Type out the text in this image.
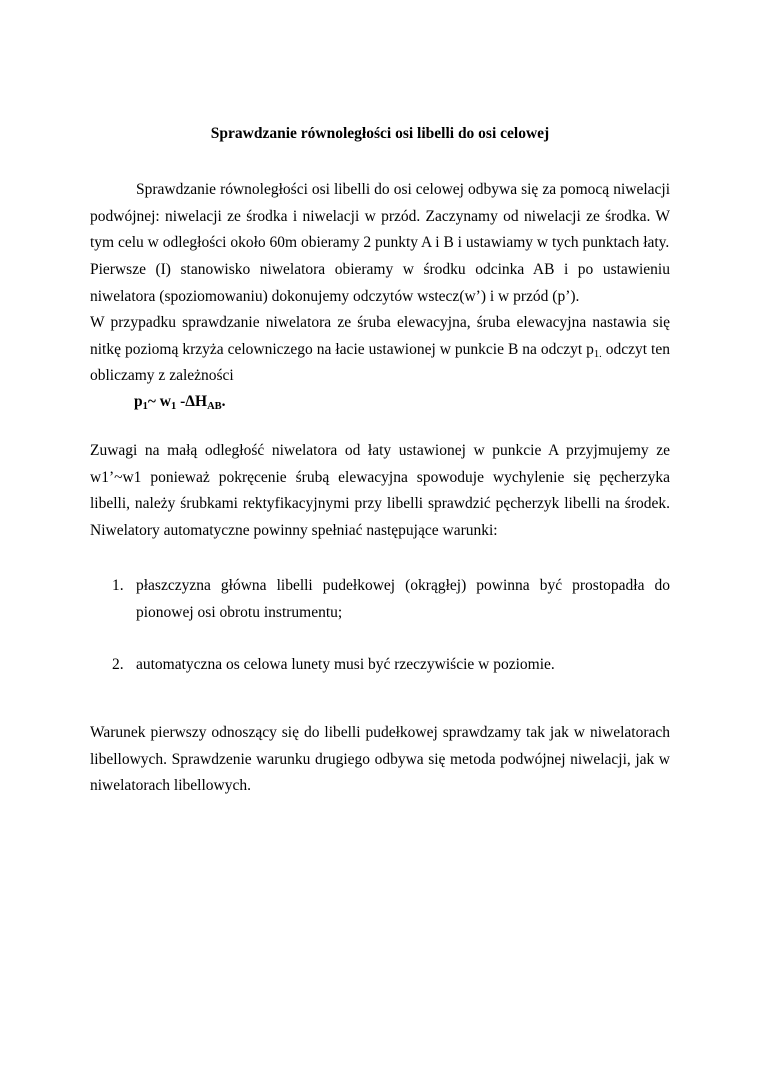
Sprawdzanie równoległości osi libelli do osi celowej

Sprawdzanie równoległości osi libelli do osi celowej odbywa się za pomocą niwelacji podwójnej: niwelacji ze środka i niwelacji w przód. Zaczynamy od niwelacji ze środka. W tym celu w odległości około 60m obieramy 2 punkty A i B i ustawiamy w tych punktach łaty.

Pierwsze (I) stanowisko niwelatora obieramy w środku odcinka AB i po ustawieniu niwelatora (spoziomowaniu) dokonujemy odczytów wstecz(w’) i w przód (p’).

W przypadku sprawdzanie niwelatora ze śruba elewacyjna, śruba elewacyjna nastawia się nitkę poziomą krzyża celowniczego na łacie ustawionej w punkcie B na odczyt $p_{1.}$ odczyt ten obliczamy z zależności

$p_1\sim$ $w_1$ $-\Delta H_{AB}$.

Zuwagi na małą odległość niwelatora od łaty ustawionej w punkcie A przyjmujemy ze w1’~w1 ponieważ pokręcenie śrubą elewacyjna spowoduje wychylenie się pęcherzyka libelli, należy śrubkami rektyfikacyjnymi przy libelli sprawdzić pęcherzyk libelli na środek. Niwelatory automatyczne powinny spełniać następujące warunki:

1. płaszczyzna główna libelli pudełkowej (okrągłej) powinna być prostopadła do pionowej osi obrotu instrumentu;
2. automatyczna os celowa lunety musi być rzeczywiście w poziomie.

Warunek pierwszy odnoszący się do libelli pudełkowej sprawdzamy tak jak w niwelatorach libellowych. Sprawdzenie warunku drugiego odbywa się metoda podwójnej niwelacji, jak w niwelatorach libellowych.
